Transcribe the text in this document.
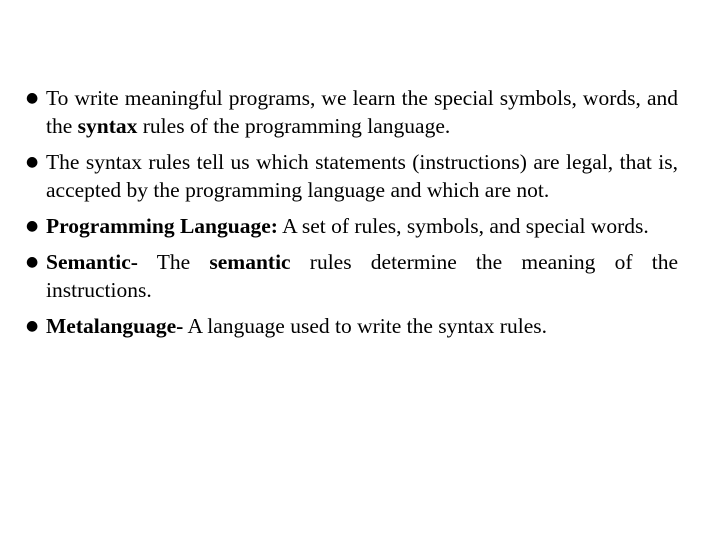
● To write meaningful programs, we learn the special symbols, words, and the syntax rules of the programming language.
● The syntax rules tell us which statements (instructions) are legal, that is, accepted by the programming language and which are not.
● Programming Language: A set of rules, symbols, and special words.
● Semantic- The semantic rules determine the meaning of the instructions.
● Metalanguage- A language used to write the syntax rules.
